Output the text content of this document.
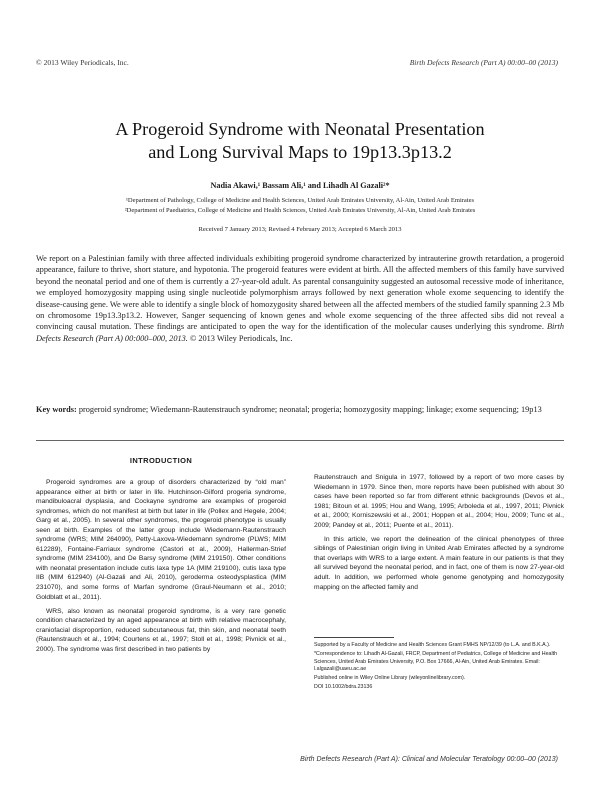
© 2013 Wiley Periodicals, Inc.	Birth Defects Research (Part A) 00:00–00 (2013)
A Progeroid Syndrome with Neonatal Presentation
and Long Survival Maps to 19p13.3p13.2
Nadia Akawi,¹ Bassam Ali,¹ and Lihadh Al Gazali²*
¹Department of Pathology, College of Medicine and Health Sciences, United Arab Emirates University, Al-Ain, United Arab Emirates
²Department of Paediatrics, College of Medicine and Health Sciences, United Arab Emirates University, Al-Ain, United Arab Emirates
Received 7 January 2013; Revised 4 February 2013; Accepted 6 March 2013

We report on a Palestinian family with three affected individuals exhibiting progeroid syndrome characterized by intrauterine growth retardation, a progeroid appearance, failure to thrive, short stature, and hypotonia. The progeroid features were evident at birth. All the affected members of this family have survived beyond the neonatal period and one of them is currently a 27-year-old adult. As parental consanguinity suggested an autosomal recessive mode of inheritance, we employed homozygosity mapping using single nucleotide polymorphism arrays followed by next generation whole exome sequencing to identify the disease-causing gene. We were able to identify a single block of homozygosity shared between all the affected members of the studied family spanning 2.3 Mb on chromosome 19p13.3p13.2. However, Sanger sequencing of known genes and whole exome sequencing of the three affected sibs did not reveal a convincing causal mutation. These findings are anticipated to open the way for the identification of the molecular causes underlying this syndrome. Birth Defects Research (Part A) 00:000–000, 2013. © 2013 Wiley Periodicals, Inc.

Key words: progeroid syndrome; Wiedemann-Rautenstrauch syndrome; neonatal; progeria; homozygosity mapping; linkage; exome sequencing; 19p13

INTRODUCTION

Progeroid syndromes are a group of disorders characterized by “old man” appearance either at birth or later in life. Hutchinson-Gilford progeria syndrome, mandibuloacral dysplasia, and Cockayne syndrome are examples of progeroid syndromes, which do not manifest at birth but later in life (Pollex and Hegele, 2004; Garg et al., 2005). In several other syndromes, the progeroid phenotype is usually seen at birth. Examples of the latter group include Wiedemann-Rautenstrauch syndrome (WRS; MIM 264090), Petty-Laxova-Wiedemann syndrome (PLWS; MIM 612289), Fontaine-Farriaux syndrome (Castori et al., 2009), Hallerman-Strief syndrome (MIM 234100), and De Barsy syndrome (MIM 219150). Other conditions with neonatal presentation include cutis laxa type 1A (MIM 219100), cutis laxa type IIB (MIM 612940) (Al-Gazali and Ali, 2010), geroderma osteodysplastica (MIM 231070), and some forms of Marfan syndrome (Graul-Neumann et al., 2010; Goldblatt et al., 2011).

WRS, also known as neonatal progeroid syndrome, is a very rare genetic condition characterized by an aged appearance at birth with relative macrocephaly, craniofacial disproportion, reduced subcutaneous fat, thin skin, and neonatal teeth (Rautenstrauch et al., 1994; Courtens et al., 1997; Stoll et al., 1998; Pivnick et al., 2000). The syndrome was first described in two patients by

Rautenstrauch and Snigula in 1977, followed by a report of two more cases by Wiedemann in 1979. Since then, more reports have been published with about 30 cases have been reported so far from different ethnic backgrounds (Devos et al., 1981; Bitoun et al. 1995; Hou and Wang, 1995; Arboleda et al., 1997, 2011; Pivnick et al., 2000; Korniszewski et al., 2001; Hoppen et al., 2004; Hou, 2009; Tunc et al., 2009; Pandey et al., 2011; Puente et al., 2011).

In this article, we report the delineation of the clinical phenotypes of three siblings of Palestinian origin living in United Arab Emirates affected by a syndrome that overlaps with WRS to a large extent. A main feature in our patients is that they all survived beyond the neonatal period, and in fact, one of them is now 27-year-old adult. In addition, we performed whole genome genotyping and homozygosity mapping on the affected family and

Supported by a Faculty of Medicine and Health Sciences Grant FMHS NP/12/39 (to L.A. and B.K.A.).
*Correspondence to: Lihadh Al-Gazali, FRCP, Department of Pediatrics, College of Medicine and Health Sciences, United Arab Emirates University, P.O. Box 17666, Al-Ain, United Arab Emirates. Email: l.algazali@uaeu.ac.ae
Published online in Wiley Online Library (wileyonlinelibrary.com).
DOI 10.1002/bdra.23136
Birth Defects Research (Part A): Clinical and Molecular Teratology 00:00–00 (2013)
